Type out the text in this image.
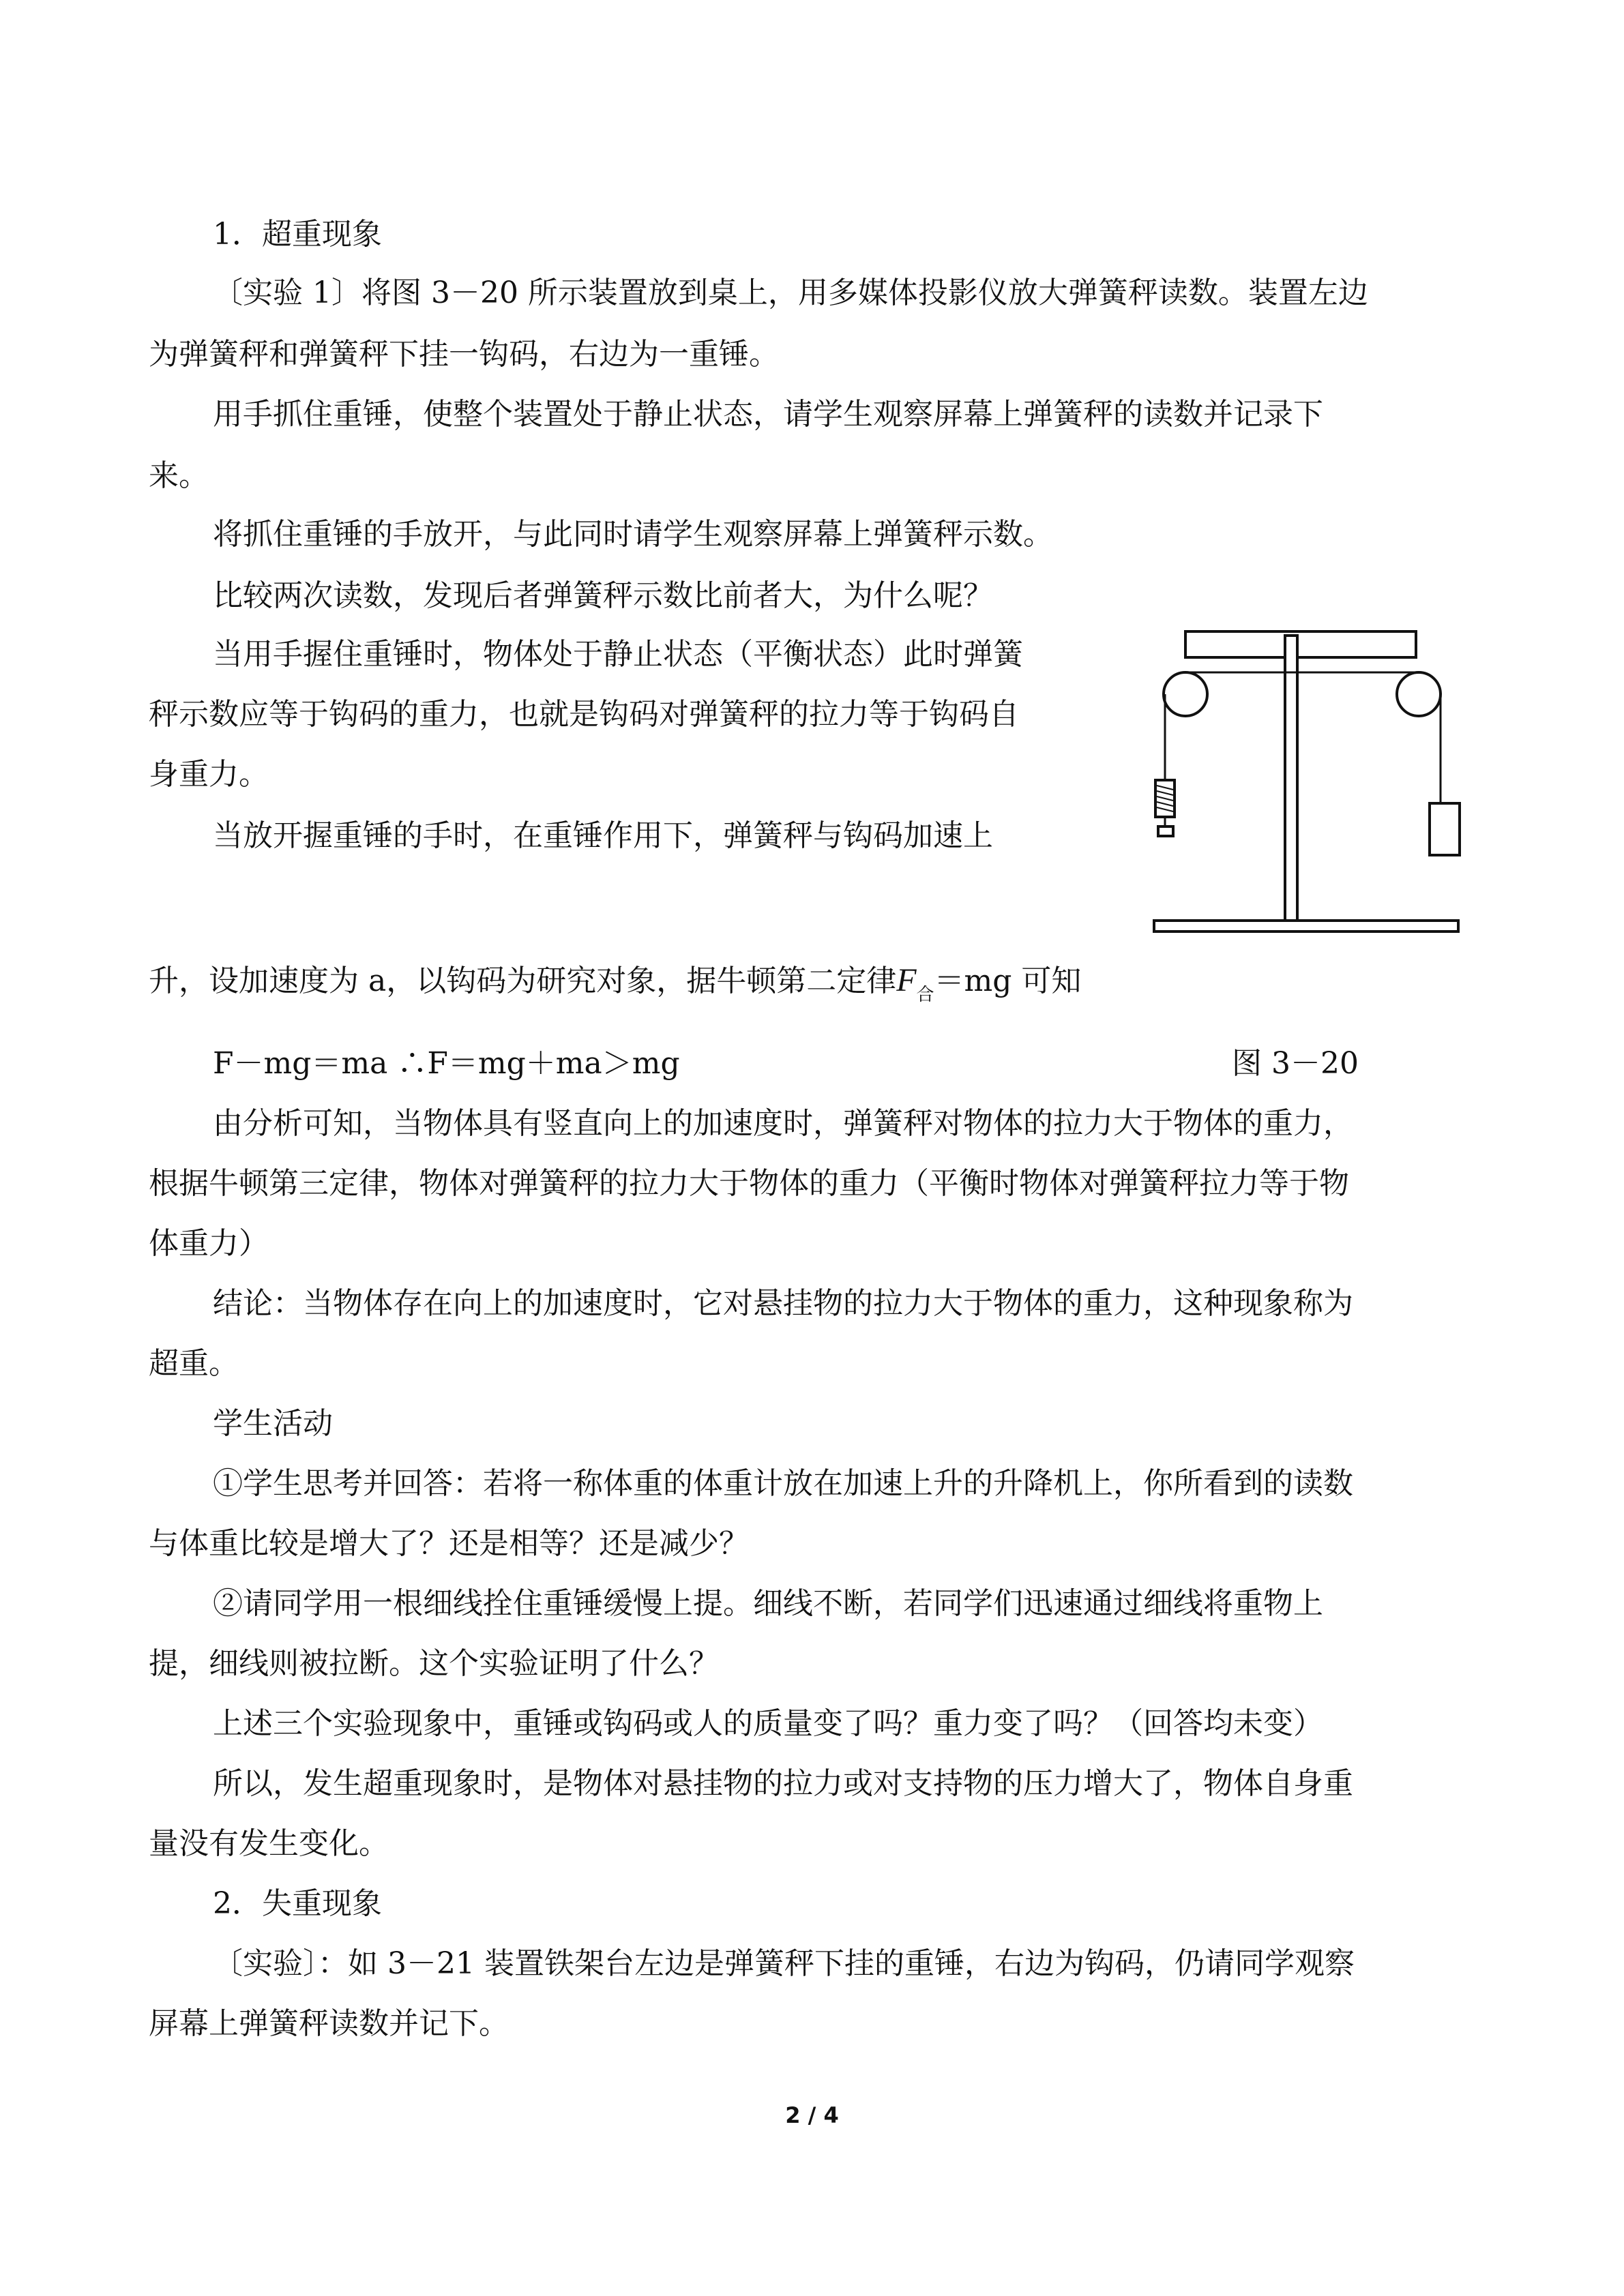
1．超重现象
〔实验 1〕将图 3－20 所示装置放到桌上，用多媒体投影仪放大弹簧秤读数。装置左边
为弹簧秤和弹簧秤下挂一钩码，右边为一重锤。
用手抓住重锤，使整个装置处于静止状态，请学生观察屏幕上弹簧秤的读数并记录下
来。
将抓住重锤的手放开，与此同时请学生观察屏幕上弹簧秤示数。
比较两次读数，发现后者弹簧秤示数比前者大，为什么呢？
当用手握住重锤时，物体处于静止状态（平衡状态）此时弹簧
秤示数应等于钩码的重力，也就是钩码对弹簧秤的拉力等于钩码自
身重力。
当放开握重锤的手时，在重锤作用下，弹簧秤与钩码加速上
升，设加速度为 a，以钩码为研究对象，据牛顿第二定律$F_合=mg$ 可知
F－mg＝ma ∴F＝mg＋ma＞mg	图 3－20
由分析可知，当物体具有竖直向上的加速度时，弹簧秤对物体的拉力大于物体的重力，
根据牛顿第三定律，物体对弹簧秤的拉力大于物体的重力（平衡时物体对弹簧秤拉力等于物
体重力）
结论：当物体存在向上的加速度时，它对悬挂物的拉力大于物体的重力，这种现象称为
超重。
学生活动
①学生思考并回答：若将一称体重的体重计放在加速上升的升降机上，你所看到的读数
与体重比较是增大了？还是相等？还是减少？
②请同学用一根细线拴住重锤缓慢上提。细线不断，若同学们迅速通过细线将重物上
提，细线则被拉断。这个实验证明了什么？
上述三个实验现象中，重锤或钩码或人的质量变了吗？重力变了吗？（回答均未变）
所以，发生超重现象时，是物体对悬挂物的拉力或对支持物的压力增大了，物体自身重
量没有发生变化。
2．失重现象
〔实验〕：如 3－21 装置铁架台左边是弹簧秤下挂的重锤，右边为钩码，仍请同学观察
屏幕上弹簧秤读数并记下。
2 / 4
